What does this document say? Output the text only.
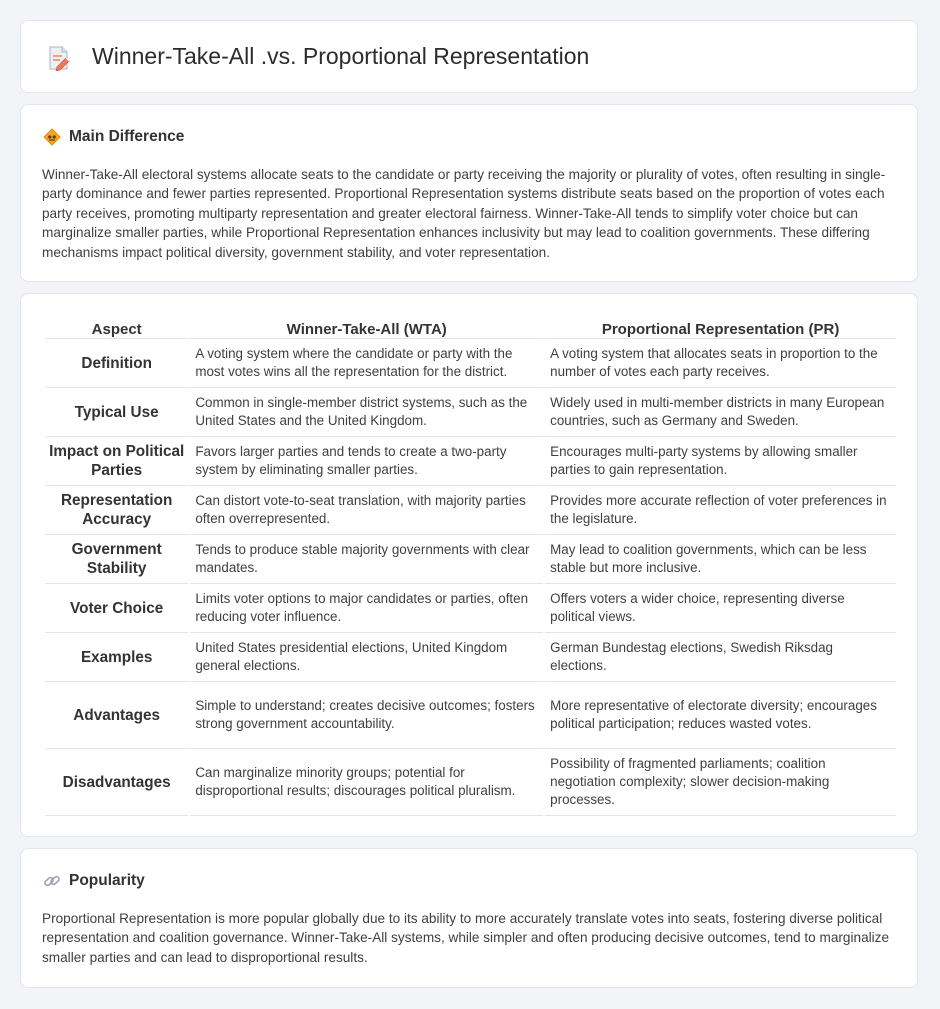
Winner-Take-All .vs. Proportional Representation
Main Difference

Winner-Take-All electoral systems allocate seats to the candidate or party receiving the majority or plurality of votes, often resulting in single-party dominance and fewer parties represented. Proportional Representation systems distribute seats based on the proportion of votes each party receives, promoting multiparty representation and greater electoral fairness. Winner-Take-All tends to simplify voter choice but can marginalize smaller parties, while Proportional Representation enhances inclusivity but may lead to coalition governments. These differing mechanisms impact political diversity, government stability, and voter representation.

Aspect	Winner-Take-All (WTA)	Proportional Representation (PR)
Definition	A voting system where the candidate or party with the most votes wins all the representation for the district.	A voting system that allocates seats in proportion to the number of votes each party receives.
Typical Use	Common in single-member district systems, such as the United States and the United Kingdom.	Widely used in multi-member districts in many European countries, such as Germany and Sweden.
Impact on Political Parties	Favors larger parties and tends to create a two-party system by eliminating smaller parties.	Encourages multi-party systems by allowing smaller parties to gain representation.
Representation Accuracy	Can distort vote-to-seat translation, with majority parties often overrepresented.	Provides more accurate reflection of voter preferences in the legislature.
Government Stability	Tends to produce stable majority governments with clear mandates.	May lead to coalition governments, which can be less stable but more inclusive.
Voter Choice	Limits voter options to major candidates or parties, often reducing voter influence.	Offers voters a wider choice, representing diverse political views.
Examples	United States presidential elections, United Kingdom general elections.	German Bundestag elections, Swedish Riksdag elections.
Advantages	Simple to understand; creates decisive outcomes; fosters strong government accountability.	More representative of electorate diversity; encourages political participation; reduces wasted votes.
Disadvantages	Can marginalize minority groups; potential for disproportional results; discourages political pluralism.	Possibility of fragmented parliaments; coalition negotiation complexity; slower decision-making processes.
Popularity

Proportional Representation is more popular globally due to its ability to more accurately translate votes into seats, fostering diverse political representation and coalition governance. Winner-Take-All systems, while simpler and often producing decisive outcomes, tend to marginalize smaller parties and can lead to disproportional results.
